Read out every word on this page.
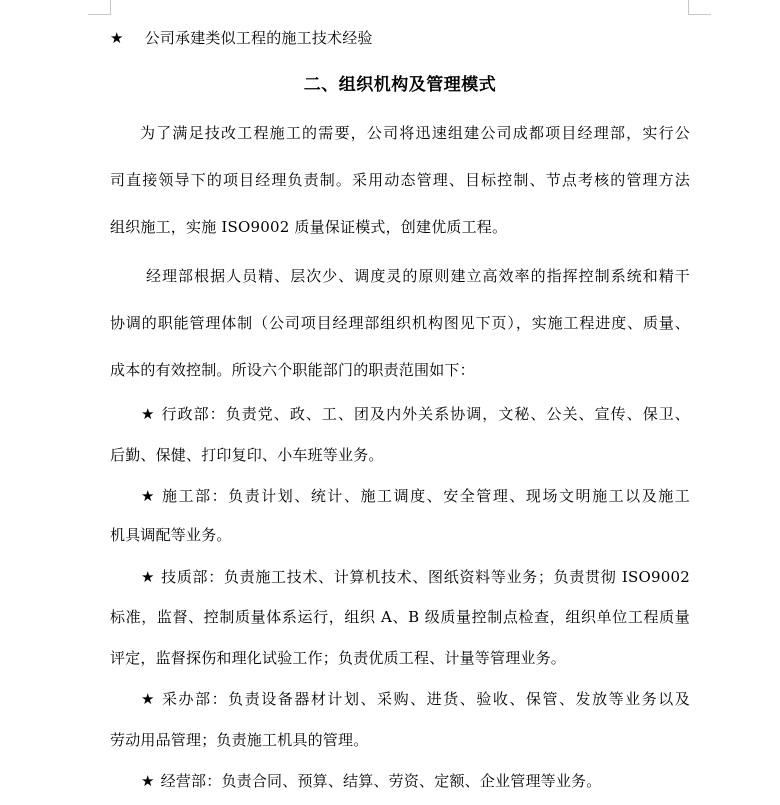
★ 公司承建类似工程的施工技术经验
二、组织机构及管理模式
为了满足技改工程施工的需要，公司将迅速组建公司成都项目经理部，实行公
司直接领导下的项目经理负责制。采用动态管理、目标控制、节点考核的管理方法
组织施工，实施 ISO9002 质量保证模式，创建优质工程。
经理部根据人员精、层次少、调度灵的原则建立高效率的指挥控制系统和精干
协调的职能管理体制（公司项目经理部组织机构图见下页），实施工程进度、质量、
成本的有效控制。所设六个职能部门的职责范围如下：
★ 行政部：负责党、政、工、团及内外关系协调，文秘、公关、宣传、保卫、
后勤、保健、打印复印、小车班等业务。
★ 施工部：负责计划、统计、施工调度、安全管理、现场文明施工以及施工
机具调配等业务。
★ 技质部：负责施工技术、计算机技术、图纸资料等业务；负责贯彻 ISO9002
标准，监督、控制质量体系运行，组织 A、B 级质量控制点检查，组织单位工程质量
评定，监督探伤和理化试验工作；负责优质工程、计量等管理业务。
★ 采办部：负责设备器材计划、采购、进货、验收、保管、发放等业务以及
劳动用品管理；负责施工机具的管理。
★ 经营部：负责合同、预算、结算、劳资、定额、企业管理等业务。
